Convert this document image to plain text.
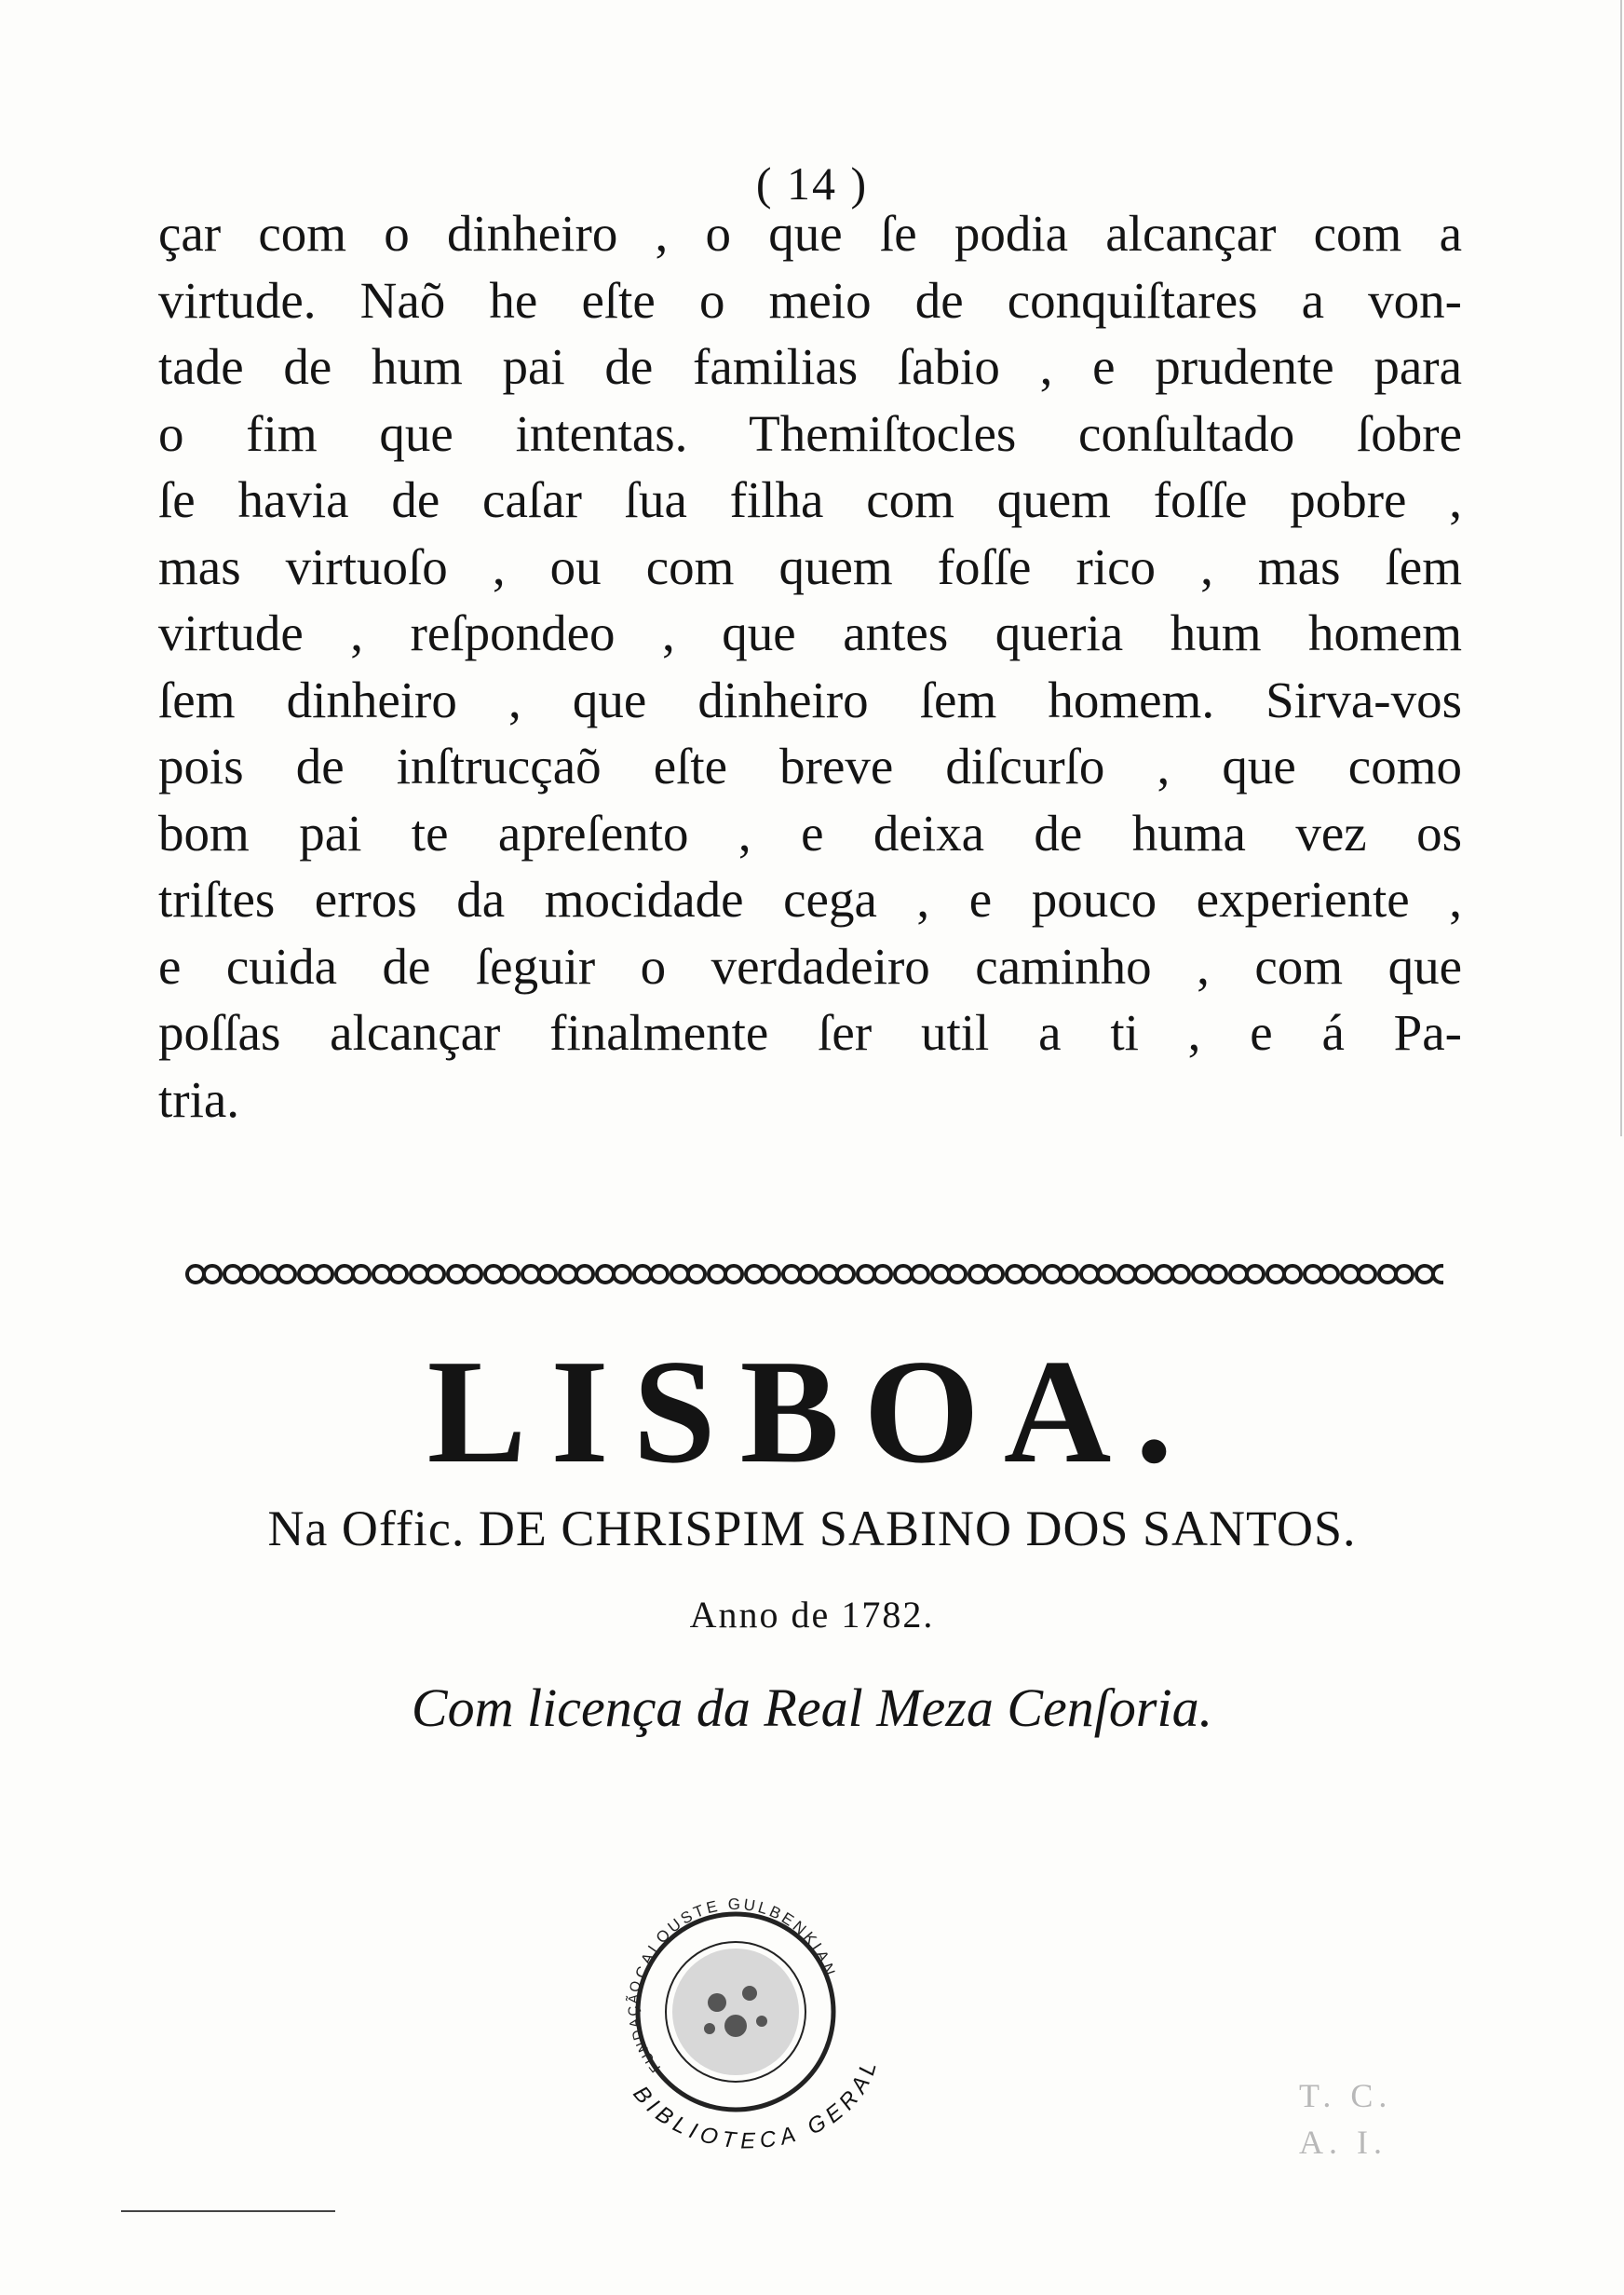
( 14 )
çar com o dinheiro , o que ſe podia alcançar com a
virtude. Naõ he eſte o meio de conquiſtares a von-
tade de hum pai de familias ſabio , e prudente para
o fim que intentas. Themiſtocles conſultado ſobre
ſe havia de caſar ſua filha com quem foſſe pobre ,
mas virtuoſo , ou com quem foſſe rico , mas ſem
virtude , reſpondeo , que antes queria hum homem
ſem dinheiro , que dinheiro ſem homem. Sirva-vos
pois de inſtrucçaõ eſte breve diſcurſo , que como
bom pai te apreſento , e deixa de huma vez os
triſtes erros da mocidade cega , e pouco experiente ,
e cuida de ſeguir o verdadeiro caminho , com que
poſſas alcançar finalmente ſer util a ti , e á Pa-
tria.
LISBOA.
Na Offic. DE CHRISPIM SABINO DOS SANTOS.
Anno de 1782.
Com licença da Real Meza Cenſoria.
CALOUSTE GULBENKIAN
FUNDAÇÃO
BIBLIOTECA GERAL
T. C.
A. I.
